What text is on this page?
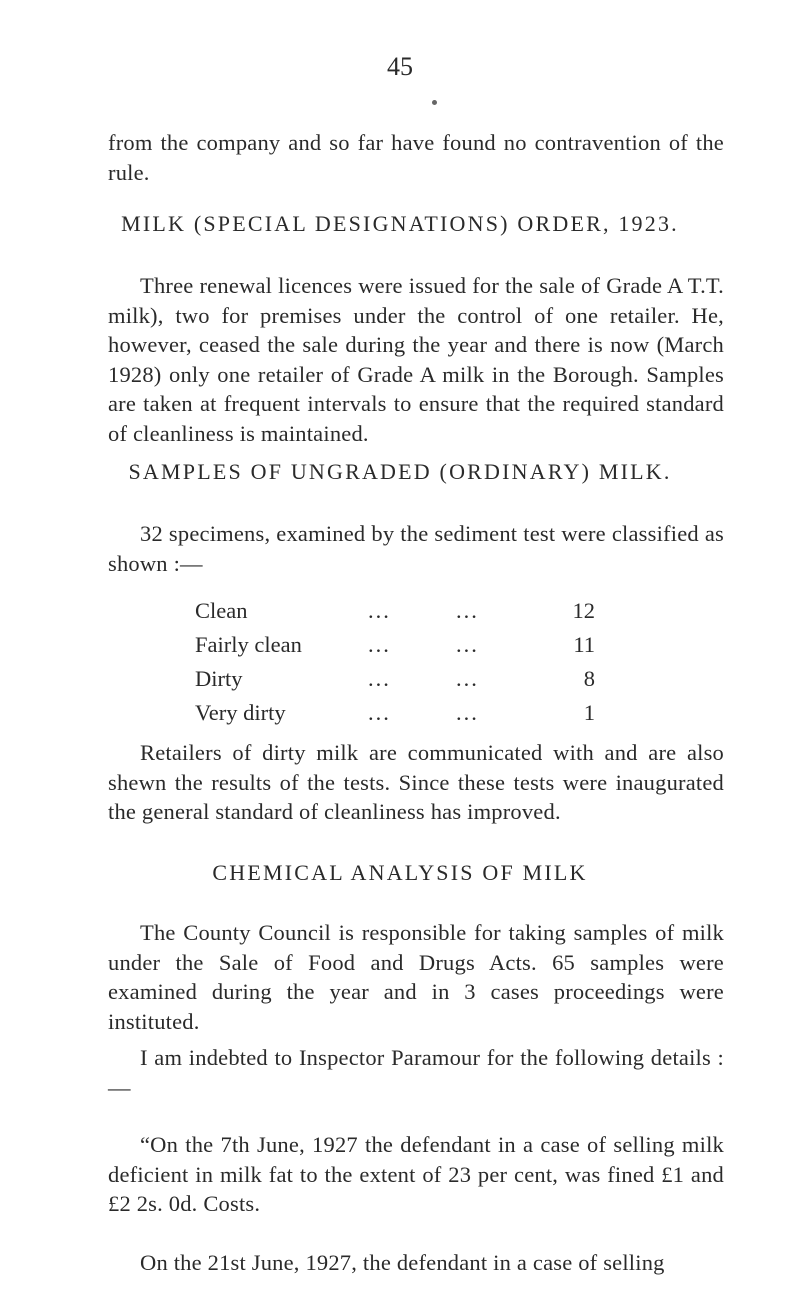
45

from the company and so far have found no contravention of the rule.

MILK (SPECIAL DESIGNATIONS) ORDER, 1923.

Three renewal licences were issued for the sale of Grade A T.T. milk), two for premises under the control of one retailer. He, however, ceased the sale during the year and there is now (March 1928) only one retailer of Grade A milk in the Borough. Samples are taken at frequent intervals to ensure that the required standard of cleanliness is maintained.

SAMPLES OF UNGRADED (ORDINARY) MILK.

32 specimens, examined by the sediment test were classified as shown :—

Clean	...	...	12
Fairly clean	...	...	11
Dirty	...	...	8
Very dirty	...	...	1

Retailers of dirty milk are communicated with and are also shewn the results of the tests. Since these tests were inaugurated the general standard of cleanliness has improved.

CHEMICAL ANALYSIS OF MILK

The County Council is responsible for taking samples of milk under the Sale of Food and Drugs Acts. 65 samples were examined during the year and in 3 cases proceedings were instituted.

I am indebted to Inspector Paramour for the following details :—

“On the 7th June, 1927 the defendant in a case of selling milk deficient in milk fat to the extent of 23 per cent, was fined £1 and £2 2s. 0d. Costs.

On the 21st June, 1927, the defendant in a case of selling
